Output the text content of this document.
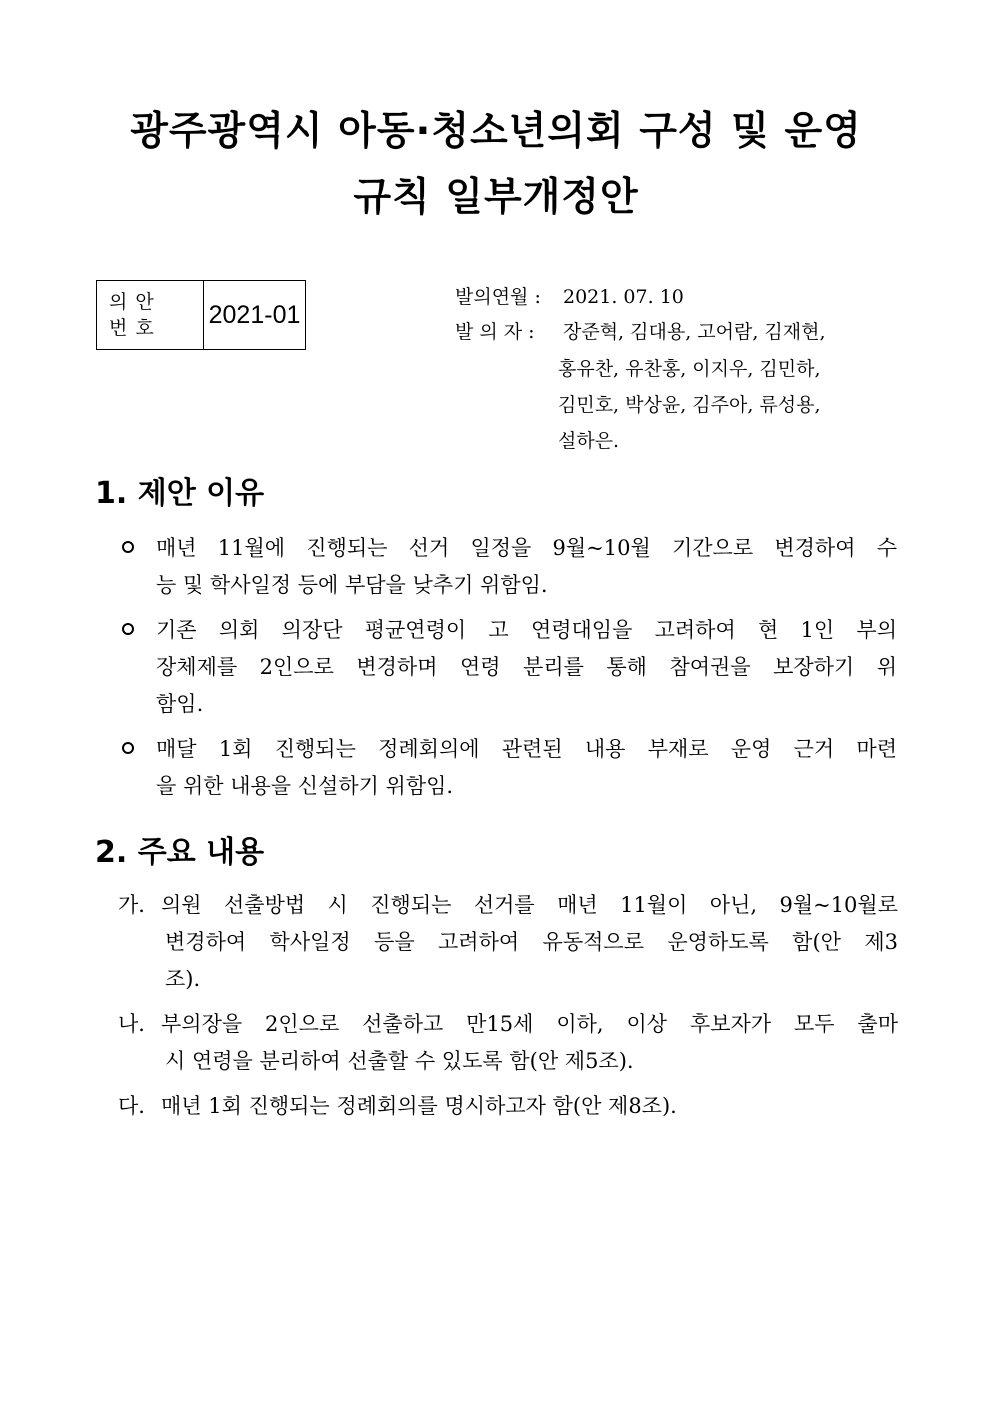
광주광역시 아동·청소년의회 구성 및 운영
규칙 일부개정안
의안
번호	2021-01
발의연월 : 2021. 07. 10
발 의 자 : 장준혁, 김대용, 고어람, 김재현,
홍유찬, 유찬홍, 이지우, 김민하,
김민호, 박상윤, 김주아, 류성용,
설하은.
1. 제안 이유
매년 11월에 진행되는 선거 일정을 9월~10월 기간으로 변경하여 수
능 및 학사일정 등에 부담을 낮추기 위함임.
기존 의회 의장단 평균연령이 고 연령대임을 고려하여 현 1인 부의
장체제를 2인으로 변경하며 연령 분리를 통해 참여권을 보장하기 위
함임.
매달 1회 진행되는 정례회의에 관련된 내용 부재로 운영 근거 마련
을 위한 내용을 신설하기 위함임.
2. 주요 내용
가. 의원 선출방법 시 진행되는 선거를 매년 11월이 아닌, 9월~10월로
변경하여 학사일정 등을 고려하여 유동적으로 운영하도록 함(안 제3
조).
나. 부의장을 2인으로 선출하고 만15세 이하, 이상 후보자가 모두 출마
시 연령을 분리하여 선출할 수 있도록 함(안 제5조).
다. 매년 1회 진행되는 정례회의를 명시하고자 함(안 제8조).
